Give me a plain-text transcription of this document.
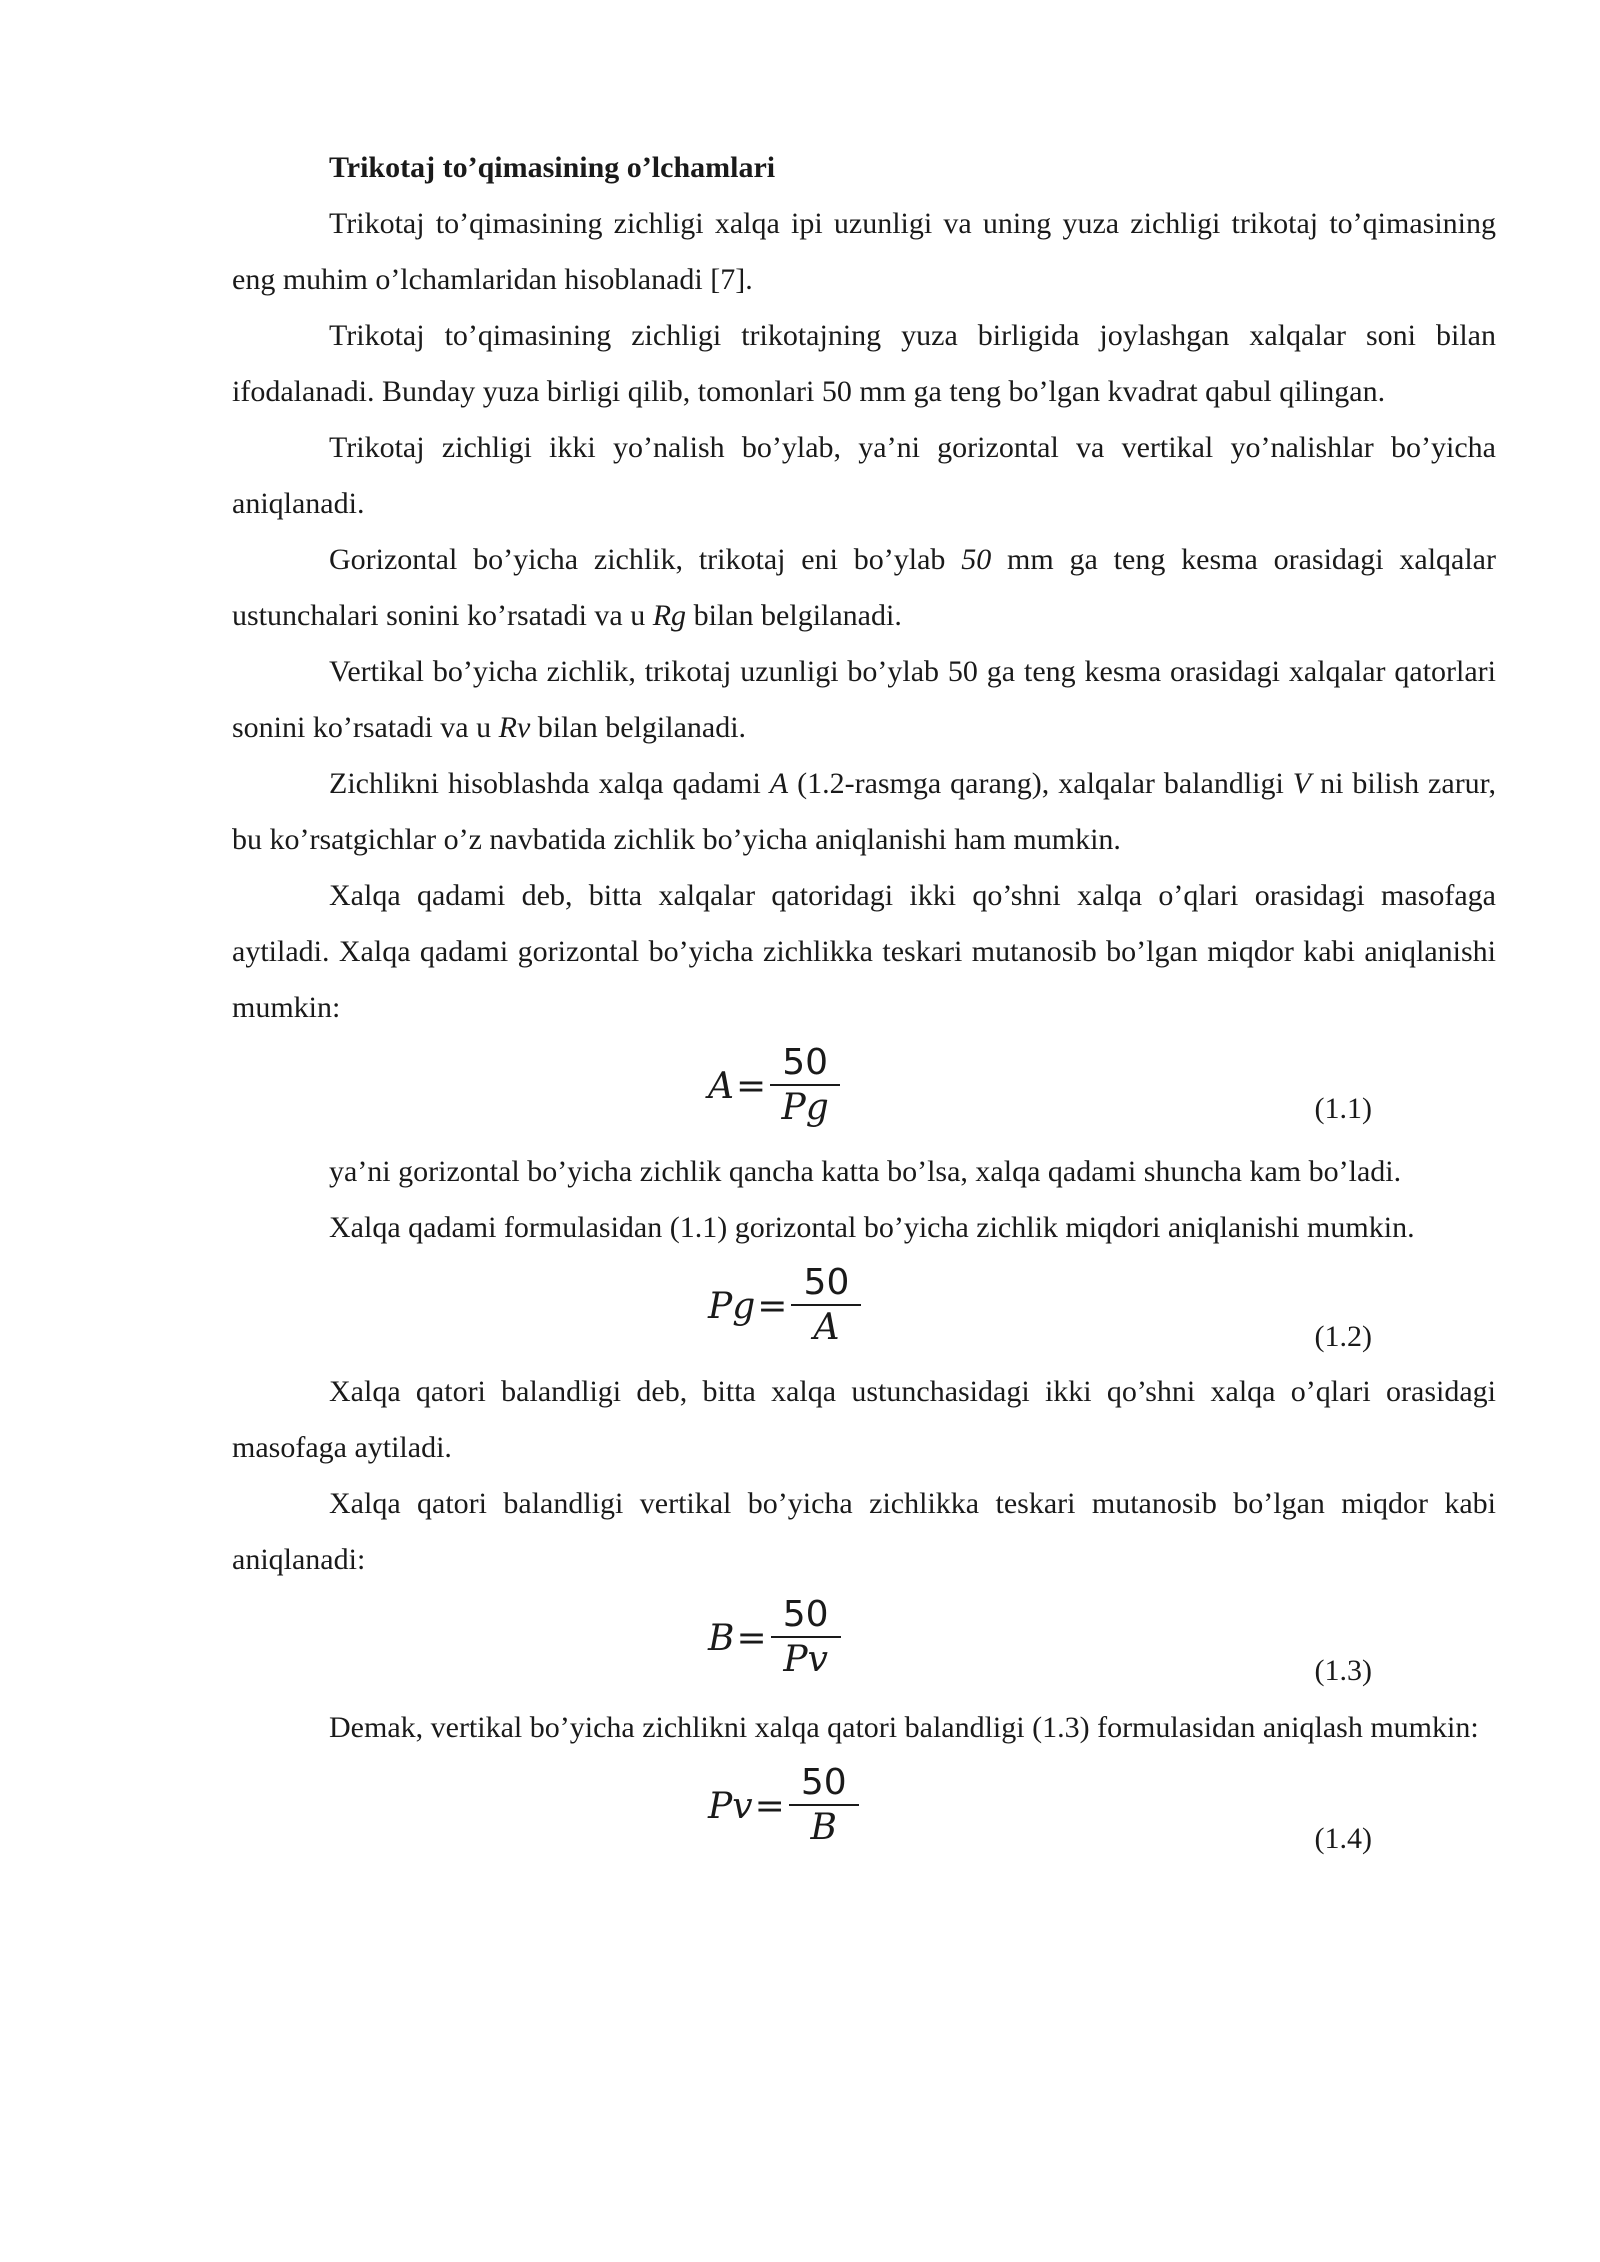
Trikotaj to’qimasining o’lchamlari

Trikotaj to’qimasining zichligi xalqa ipi uzunligi va uning yuza zichligi trikotaj to’qimasining eng muhim o’lchamlaridan hisoblanadi [7].

Trikotaj to’qimasining zichligi trikotajning yuza birligida joylashgan xalqalar soni bilan ifodalanadi. Bunday yuza birligi qilib, tomonlari 50 mm ga teng bo’lgan kvadrat qabul qilingan.

Trikotaj zichligi ikki yo’nalish bo’ylab, ya’ni gorizontal va vertikal yo’nalishlar bo’yicha aniqlanadi.

Gorizontal bo’yicha zichlik, trikotaj eni bo’ylab 50 mm ga teng kesma orasidagi xalqalar ustunchalari sonini ko’rsatadi va u Rg bilan belgilanadi.

Vertikal bo’yicha zichlik, trikotaj uzunligi bo’ylab 50 ga teng kesma orasidagi xalqalar qatorlari sonini ko’rsatadi va u Rv bilan belgilanadi.

Zichlikni hisoblashda xalqa qadami A (1.2-rasmga qarang), xalqalar balandligi V ni bilish zarur, bu ko’rsatgichlar o’z navbatida zichlik bo’yicha aniqlanishi ham mumkin.

Xalqa qadami deb, bitta xalqalar qatoridagi ikki qo’shni xalqa o’qlari orasidagi masofaga aytiladi. Xalqa qadami gorizontal bo’yicha zichlikka teskari mutanosib bo’lgan miqdor kabi aniqlanishi mumkin:

$A = \frac{50}{Pg}$	(1.1)

ya’ni gorizontal bo’yicha zichlik qancha katta bo’lsa, xalqa qadami shuncha kam bo’ladi.

Xalqa qadami formulasidan (1.1) gorizontal bo’yicha zichlik miqdori aniqlanishi mumkin.

$Pg = \frac{50}{A}$	(1.2)

Xalqa qatori balandligi deb, bitta xalqa ustunchasidagi ikki qo’shni xalqa o’qlari orasidagi masofaga aytiladi.

Xalqa qatori balandligi vertikal bo’yicha zichlikka teskari mutanosib bo’lgan miqdor kabi aniqlanadi:

$B = \frac{50}{Pv}$	(1.3)

Demak, vertikal bo’yicha zichlikni xalqa qatori balandligi (1.3) formulasidan aniqlash mumkin:

$Pv = \frac{50}{B}$	(1.4)
